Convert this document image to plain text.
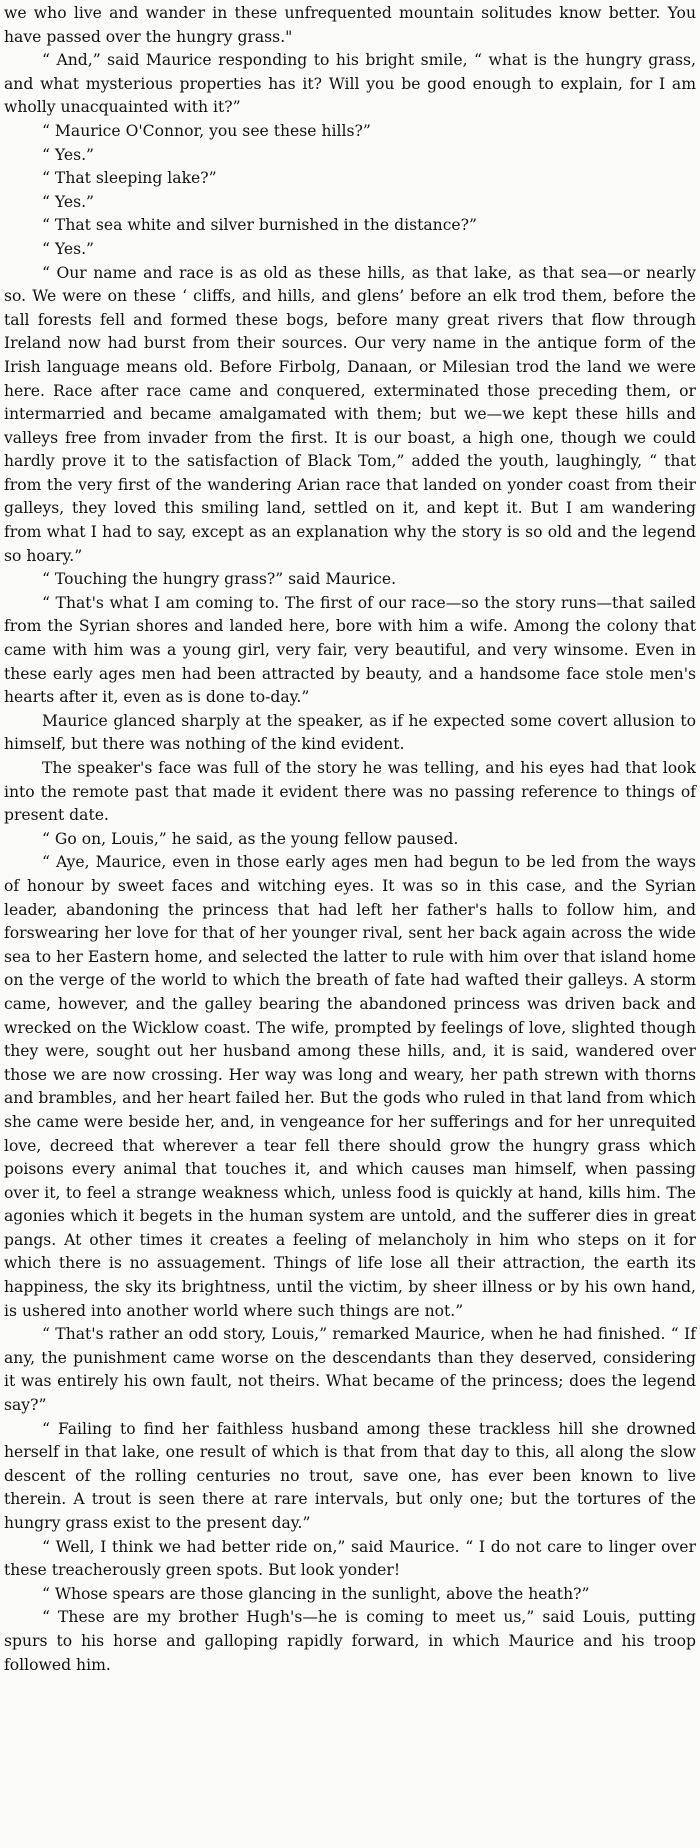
we who live and wander in these unfrequented mountain solitudes know better. You have passed over the hungry grass."

“ And,” said Maurice responding to his bright smile, “ what is the hungry grass, and what mysterious properties has it? Will you be good enough to explain, for I am wholly unacquainted with it?”

“ Maurice O'Connor, you see these hills?”

“ Yes.”

“ That sleeping lake?”

“ Yes.”

“ That sea white and silver burnished in the distance?”

“ Yes.”

“ Our name and race is as old as these hills, as that lake, as that sea—or nearly so. We were on these ‘ cliffs, and hills, and glens’ before an elk trod them, before the tall forests fell and formed these bogs, before many great rivers that flow through Ireland now had burst from their sources. Our very name in the antique form of the Irish language means old. Before Firbolg, Danaan, or Milesian trod the land we were here. Race after race came and conquered, exterminated those preceding them, or intermarried and became amalgamated with them; but we—we kept these hills and valleys free from invader from the first. It is our boast, a high one, though we could hardly prove it to the satisfaction of Black Tom,” added the youth, laughingly, “ that from the very first of the wandering Arian race that landed on yonder coast from their galleys, they loved this smiling land, settled on it, and kept it. But I am wandering from what I had to say, except as an explanation why the story is so old and the legend so hoary.”

“ Touching the hungry grass?” said Maurice.

“ That's what I am coming to. The first of our race—so the story runs—that sailed from the Syrian shores and landed here, bore with him a wife. Among the colony that came with him was a young girl, very fair, very beautiful, and very winsome. Even in these early ages men had been attracted by beauty, and a handsome face stole men's hearts after it, even as is done to-day.”

Maurice glanced sharply at the speaker, as if he expected some covert allusion to himself, but there was nothing of the kind evident.

The speaker's face was full of the story he was telling, and his eyes had that look into the remote past that made it evident there was no passing reference to things of present date.

“ Go on, Louis,” he said, as the young fellow paused.

“ Aye, Maurice, even in those early ages men had begun to be led from the ways of honour by sweet faces and witching eyes. It was so in this case, and the Syrian leader, abandoning the princess that had left her father's halls to follow him, and forswearing her love for that of her younger rival, sent her back again across the wide sea to her Eastern home, and selected the latter to rule with him over that island home on the verge of the world to which the breath of fate had wafted their galleys. A storm came, however, and the galley bearing the abandoned princess was driven back and wrecked on the Wicklow coast. The wife, prompted by feelings of love, slighted though they were, sought out her husband among these hills, and, it is said, wandered over those we are now crossing. Her way was long and weary, her path strewn with thorns and brambles, and her heart failed her. But the gods who ruled in that land from which she came were beside her, and, in vengeance for her sufferings and for her unrequited love, decreed that wherever a tear fell there should grow the hungry grass which poisons every animal that touches it, and which causes man himself, when passing over it, to feel a strange weakness which, unless food is quickly at hand, kills him. The agonies which it begets in the human system are untold, and the sufferer dies in great pangs. At other times it creates a feeling of melancholy in him who steps on it for which there is no assuagement. Things of life lose all their attraction, the earth its happiness, the sky its brightness, until the victim, by sheer illness or by his own hand, is ushered into another world where such things are not.”

“ That's rather an odd story, Louis,” remarked Maurice, when he had finished. “ If any, the punishment came worse on the descendants than they deserved, considering it was entirely his own fault, not theirs. What became of the princess; does the legend say?”

“ Failing to find her faithless husband among these trackless hill she drowned herself in that lake, one result of which is that from that day to this, all along the slow descent of the rolling centuries no trout, save one, has ever been known to live therein. A trout is seen there at rare intervals, but only one; but the tortures of the hungry grass exist to the present day.”

“ Well, I think we had better ride on,” said Maurice. “ I do not care to linger over these treacherously green spots. But look yonder!

“ Whose spears are those glancing in the sunlight, above the heath?”

“ These are my brother Hugh's—he is coming to meet us,” said Louis, putting spurs to his horse and galloping rapidly forward, in which Maurice and his troop followed him.
